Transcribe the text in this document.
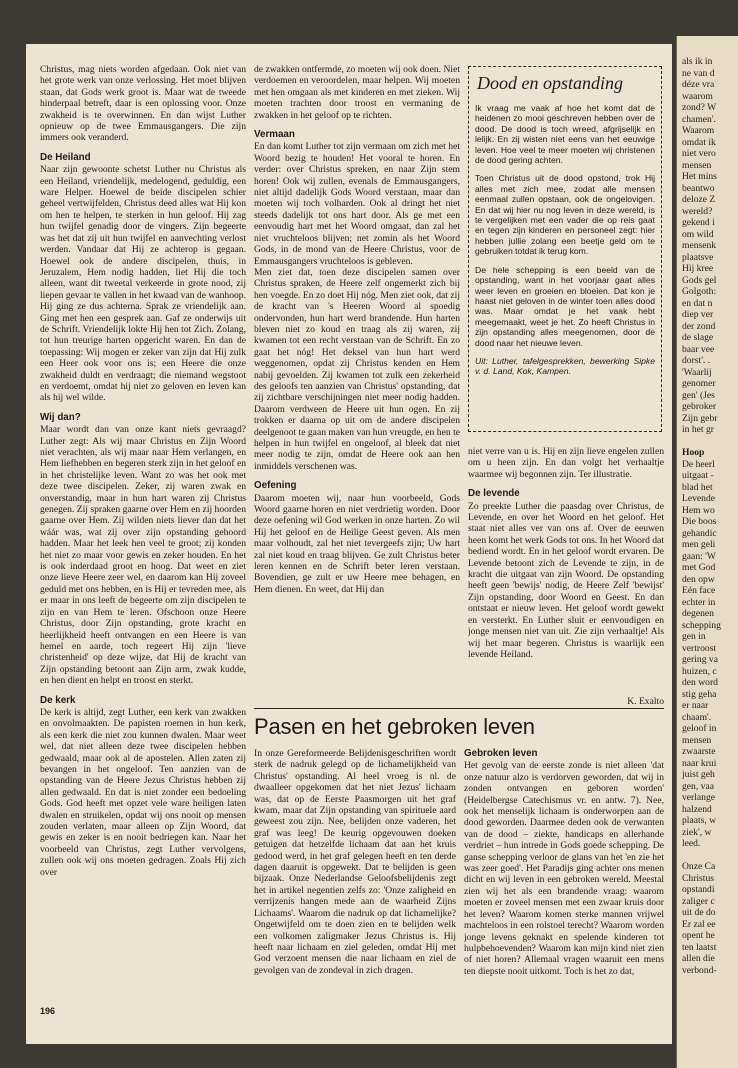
Christus, mag niets worden afgedaan. Ook niet van het grote werk van onze verlossing. Het moet blijven staan, dat Gods werk groot is. Maar wat de tweede hinderpaal betreft, daar is een oplossing voor. Onze zwakheid is te overwinnen. En dan wijst Luther opnieuw op de twee Emmausgangers. Die zijn immers ook veranderd.

De Heiland

Naar zijn gewoonte schetst Luther nu Christus als een Heiland, vriendelijk, medelogend, geduldig, een ware Helper. Hoewel de beide discipelen schier geheel vertwijfelden, Christus deed alles wat Hij kon om hen te helpen, te sterken in hun geloof. Hij zag hun twijfel genadig door de vingers. Zijn begeerte was het dat zij uit hun twijfel en aanvechting verlost werden. Vandaar dat Hij ze achterop is gegaan. Hoewel ook de andere discipelen, thuis, in Jeruzalem, Hem nodig hadden, liet Hij die toch alleen, want dit tweetal verkeerde in grote nood, zij liepen gevaar te vallen in het kwaad van de wanhoop. Hij ging ze dus achterna. Sprak ze vriendelijk aan. Ging met hen een gesprek aan. Gaf ze onderwijs uit de Schrift. Vriendelijk lokte Hij hen tot Zich. Zolang, tot hun treurige harten opgericht waren. En dan de toepassing: Wij mogen er zeker van zijn dat Hij zulk een Heer ook voor ons is; een Heere die onze zwakheid duldt en verdraagt; die niemand wegstoot en verdoemt, omdat hij niet zo geloven en leven kan als hij wel wilde.

Wij dan?

Maar wordt dan van onze kant niets gevraagd? Luther zegt: Als wij maar Christus en Zijn Woord niet verachten, als wij maar naar Hem verlangen, en Hem liefhebben en begeren sterk zijn in het geloof en in het christelijke leven. Want zo was het ook met deze twee discipelen. Zeker, zij waren zwak en onverstandig, maar in hun hart waren zij Christus genegen. Zij spraken gaarne over Hem en zij hoorden gaarne over Hem. Zij wilden niets liever dan dat het wáár was, wat zij over zijn opstanding gehoord hadden. Maar het leek hen veel te groot; zij konden het niet zo maar voor gewis en zeker houden. En het is ook inderdaad groot en hoog. Dat weet en ziet onze lieve Heere zeer wel, en daarom kan Hij zoveel geduld met ons hebben, en is Hij er tevreden mee, als er maar in ons leeft de begeerte om zijn discipelen te zijn en van Hem te leren. Ofschoon onze Heere Christus, door Zijn opstanding, grote kracht en heerlijkheid heeft ontvangen en een Heere is van hemel en aarde, toch regeert Hij zijn 'lieve christenheid' op deze wijze, dat Hij de kracht van Zijn opstanding betoont aan Zijn arm, zwak kudde, en hen dient en helpt en troost en sterkt.

De kerk

De kerk is altijd, zegt Luther, een kerk van zwakken en onvolmaakten. De papisten roemen in hun kerk, als een kerk die niet zou kunnen dwalen. Maar weet wel, dat niet alleen deze twee discipelen hebben gedwaald, maar ook al de apostelen. Allen zaten zij bevangen in het ongeloof. Ten aanzien van de opstanding van de Heere Jezus Christus hebben zij allen gedwaald. En dat is niet zonder een bedoeling Gods. God heeft met opzet vele ware heiligen laten dwalen en struikelen, opdat wij ons nooit op mensen zouden verlaten, maar alleen op Zijn Woord, dat gewis en zeker is en nooit bedriegen kan. Naar het voorbeeld van Christus, zegt Luther vervolgens, zullen ook wij ons moeten gedragen. Zoals Hij zich over

de zwakken ontfermde, zo moeten wij ook doen. Niet verdoemen en veroordelen, maar helpen. Wij moeten met hen omgaan als met kinderen en met zieken. Wij moeten trachten door troost en vermaning de zwakken in het geloof op te richten.

Vermaan

En dan komt Luther tot zijn vermaan om zich met het Woord bezig te houden! Het vooral te horen. En verder: over Christus spreken, en naar Zijn stem horen! Ook wij zullen, evenals de Emmausgangers, niet altijd dadelijk Gods Woord verstaan, maar dan moeten wij toch volharden. Ook al dringt het niet steeds dadelijk tot ons hart door. Als ge met een eenvoudig hart met het Woord omgaat, dan zal het niet vruchteloos blijven; net zomin als het Woord Gods, in de mond van de Heere Christus, voor de Emmausgangers vruchteloos is gebleven.

Men ziet dat, toen deze discipelen samen over Christus spraken, de Heere zelf ongemerkt zich bij hen voegde. En zo doet Hij nóg. Men ziet ook, dat zij de kracht van 's Heeren Woord al spoedig ondervonden, hun hart werd brandende. Hun harten bleven niet zo koud en traag als zij waren, zij kwamen tot een recht verstaan van de Schrift. En zo gaat het nóg! Het deksel van hun hart werd weggenomen, opdat zij Christus kenden en Hem nabij gevoelden. Zij kwamen tot zulk een zekerheid des geloofs ten aanzien van Christus' opstanding, dat zij zichtbare verschijningen niet meer nodig hadden. Daarom verdween de Heere uit hun ogen. En zij trokken er daarna op uit om de andere discipelen deelgenoot te gaan maken van hun vreugde, en hen te helpen in hun twijfel en ongeloof, al bleek dat niet meer nodig te zijn, omdat de Heere ook aan hen inmiddels verschenen was.

Oefening

Daarom moeten wij, naar hun voorbeeld, Gods Woord gaarne horen en niet verdrietig worden. Door deze oefening wil God werken in onze harten. Zo wil Hij het geloof en de Heilige Geest geven. Als men maar volhoudt, zal het niet tevergeefs zijn; Uw hart zal niet koud en traag blijven. Ge zult Christus beter leren kennen en de Schrift beter leren verstaan. Bovendien, ge zult er uw Heere mee behagen, en Hem dienen. En weet, dat Hij dan

Dood en opstanding

Ik vraag me vaak af hoe het komt dat de heidenen zo mooi geschreven hebben over de dood. De dood is toch wreed, afgrijselijk en lelijk. En zij wisten niet eens van het eeuwige leven. Hoe veel te meer moeten wij christenen de dood gering achten.

Toen Christus uit de dood opstond, trok Hij alles met zich mee, zodat alle mensen eenmaal zullen opstaan, ook de ongelovigen. En dat wij hier nu nog leven in deze wereld, is te vergelijken met een vader die op reis gaat en tegen zijn kinderen en personeel zegt: hier hebben jullie zolang een beetje geld om te gebruiken totdat ik terug kom.

De hele schepping is een beeld van de opstanding, want in het voorjaar gaat alles weer leven en groeien en bloeien. Dat kon je haast niet geloven in de winter toen alles dood was. Maar omdat je het vaak hebt meegemaakt, weet je het. Zo heeft Christus in zijn opstanding alles meegenomen, door de dood naar het nieuwe leven.

Uit: Luther, tafelgesprekken, bewerking Sipke v. d. Land, Kok, Kampen.

niet verre van u is. Hij en zijn lieve engelen zullen om u heen zijn. En dan volgt het verhaaltje waarmee wij begonnen zijn. Ter illustratie.

De levende

Zo preekte Luther die paasdag over Christus, de Levende, en over het Woord en het geloof. Het staat niet alles ver van ons af. Over de eeuwen heen komt het werk Gods tot ons. In het Woord dat bediend wordt. En in het geloof wordt ervaren. De Levende betoont zich de Levende te zijn, in de kracht die uitgaat van zijn Woord. De opstanding heeft geen 'bewijs' nodig, de Heere Zelf 'bewijst' Zijn opstanding, door Woord en Geest. En dan ontstaat er nieuw leven. Het geloof wordt gewekt en versterkt. En Luther sluit er eenvoudigen en jonge mensen niet van uit. Zie zijn verhaaltje! Als wij het maar begeren. Christus is waarlijk een levende Heiland.

K. Exalto
Pasen en het gebroken leven

In onze Gereformeerde Belijdenisgeschriften wordt sterk de nadruk gelegd op de lichamelijkheid van Christus' opstanding. Al heel vroeg is nl. de dwaalleer opgekomen dat het niet Jezus' lichaam was, dat op de Eerste Paasmorgen uit het graf kwam, maar dat Zijn opstanding van spirituele aard geweest zou zijn. Nee, belijden onze vaderen, het graf was leeg! De keurig opgevouwen doeken getuigen dat hetzelfde lichaam dat aan het kruis gedood werd, in het graf gelegen heeft en ten derde dagen daaruit is opgewekt. Dat te belijden is geen bijzaak. Onze Nederlandse Geloofsbelijdenis zegt het in artikel negentien zelfs zo: 'Onze zaligheid en verrijzenis hangen mede aan de waarheid Zijns Lichaams'. Waarom die nadruk op dat lichamelijke? Ongetwijfeld om te doen zien en te belijden welk een volkomen zaligmaker Jezus Christus is. Hij heeft naar lichaam en ziel geleden, omdat Hij met God verzoent mensen die naar lichaam en ziel de gevolgen van de zondeval in zich dragen.

Gebroken leven

Het gevolg van de eerste zonde is niet alleen 'dat onze natuur alzo is verdorven geworden, dat wij in zonden ontvangen en geboren worden' (Heidelbergse Catechismus vr. en antw. 7). Nee, ook het menselijk lichaam is onderworpen aan de dood geworden. Daarmee deden ook de verwanten van de dood – ziekte, handicaps en allerhande verdriet – hun intrede in Gods goede schepping. De ganse schepping verloor de glans van het 'en zie het was zeer goed'. Het Paradijs ging achter ons menen dicht en wij leven in een gebroken wereld. Meestal zien wij het als een brandende vraag: waarom moeten er zoveel mensen met een zwaar kruis door het leven? Waarom komen sterke mannen vrijwel machteloos in een rolstoel terecht? Waarom worden jonge levens geknakt en spelende kinderen tot hulpbehoevenden? Waarom kan mijn kind niet zien of niet horen? Allemaal vragen waaruit een mens ten diepste nooit uitkomt. Toch is het zo dat,

196
als ik in
ne van d
déze vra
waarom
zond? W
chamen'.
Waarom
omdat ik
niet vero
mensen
Het mins
beantwo
deloze Z
wereld?
gekend i
om wild
mensenk
plaatsve
Hij kree
Gods gel
Golgoth:
en dat n
diep ver
der zond
de slage
baar vee
dorst'. .
'Waarlij
genomer
gen' (Jes
gebroker
Zijn gebr
in het gr

Hoop
De heerl
uitgaat -
blad het
Levende
Hem wo
Die boos
gehandic
men geli
gaan: 'W
met God
den opw
Eén face
echter in
degenen
schepping
gen in
vertroost
gering va
huizen, c
den word
stig geha
er naar
chaam'.
geloof in
mensen
zwaarste
naar krui
juist geh
gen, vaa
verlange
halzend
plaats, w
ziek', w
leed.

Onze Ca
Christus
opstandi
zaliger c
uit de do
Er zal ee
opent he
ten laatst
allen die
verbond-
